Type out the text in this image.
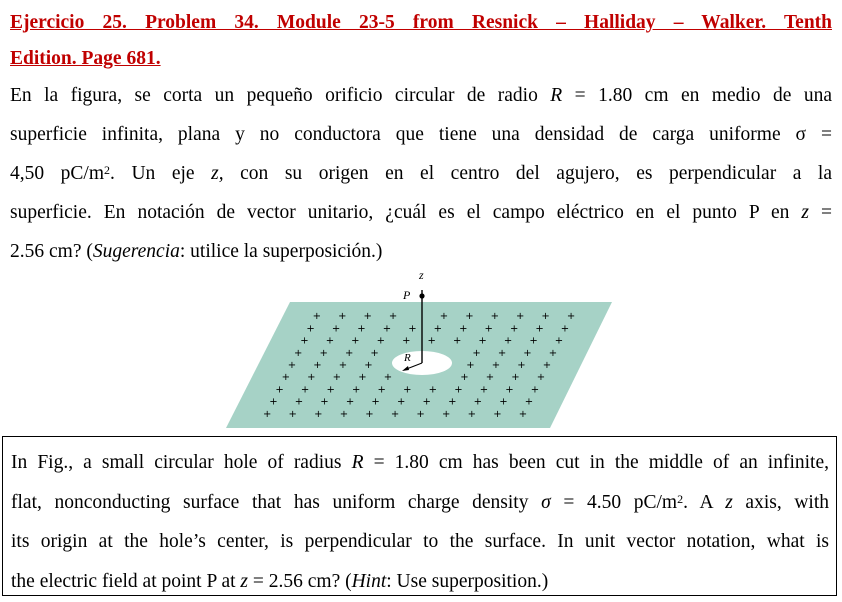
Ejercicio 25. Problem 34. Module 23-5 from Resnick – Halliday – Walker. Tenth
Edition. Page 681.
En la figura, se corta un pequeño orificio circular de radio R = 1.80 cm en medio de una
superficie infinita, plana y no conductora que tiene una densidad de carga uniforme σ =
4,50 $pC/m^2$. Un eje z, con su origen en el centro del agujero, es perpendicular a la
superficie. En notación de vector unitario, ¿cuál es el campo eléctrico en el punto P en z =
2.56 cm? (Sugerencia: utilice la superposición.)
+ + + +	+ + + + + +
+ + + + + + + + + + +
+ + + + + + + + + + +
+ + + +	+ + + +
+ + + +	+ + + +
+ + + + +	+ + + +
+ + + + + + + + + + +
+ + + + + + + + + + +
+ + + + + + + + + + +
z
P
R
In Fig., a small circular hole of radius R = 1.80 cm has been cut in the middle of an infinite,
flat, nonconducting surface that has uniform charge density σ = 4.50 $pC/m^2$. A z axis, with
its origin at the hole’s center, is perpendicular to the surface. In unit vector notation, what is
the electric field at point P at z = 2.56 cm? (Hint: Use superposition.)
